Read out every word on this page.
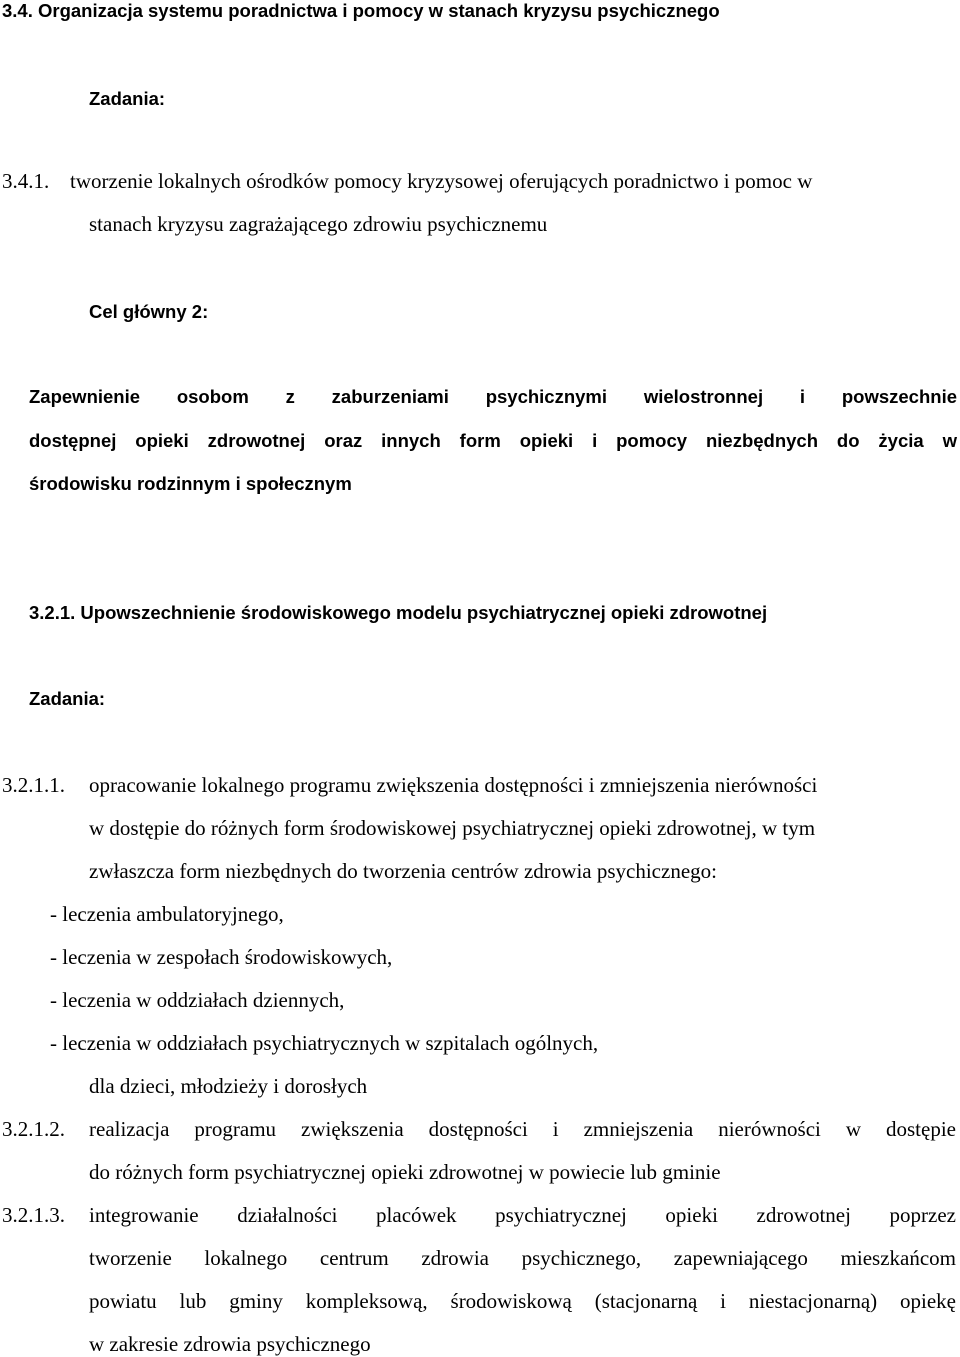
3.4. Organizacja systemu poradnictwa i pomocy w stanach kryzysu psychicznego
Zadania:
3.4.1. tworzenie lokalnych ośrodków pomocy kryzysowej oferujących poradnictwo i pomoc w
stanach kryzysu zagrażającego zdrowiu psychicznemu
Cel główny 2:
Zapewnienie osobom z zaburzeniami psychicznymi wielostronnej i powszechnie
dostępnej opieki zdrowotnej oraz innych form opieki i pomocy niezbędnych do życia w
środowisku rodzinnym i społecznym
3.2.1. Upowszechnienie środowiskowego modelu psychiatrycznej opieki zdrowotnej
Zadania:
3.2.1.1. opracowanie lokalnego programu zwiększenia dostępności i zmniejszenia nierówności
w dostępie do różnych form środowiskowej psychiatrycznej opieki zdrowotnej, w tym
zwłaszcza form niezbędnych do tworzenia centrów zdrowia psychicznego:
- leczenia ambulatoryjnego,
- leczenia w zespołach środowiskowych,
- leczenia w oddziałach dziennych,
- leczenia w oddziałach psychiatrycznych w szpitalach ogólnych,
dla dzieci, młodzieży i dorosłych
3.2.1.2. realizacja programu zwiększenia dostępności i zmniejszenia nierówności w dostępie
do różnych form psychiatrycznej opieki zdrowotnej w powiecie lub gminie
3.2.1.3. integrowanie działalności placówek psychiatrycznej opieki zdrowotnej poprzez
tworzenie lokalnego centrum zdrowia psychicznego, zapewniającego mieszkańcom
powiatu lub gminy kompleksową, środowiskową (stacjonarną i niestacjonarną) opiekę
w zakresie zdrowia psychicznego
